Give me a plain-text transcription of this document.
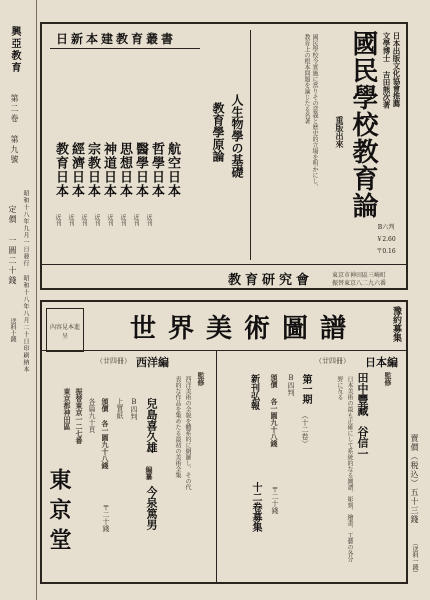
興亞教育
第二卷 第九號
昭和十八年九月一日發行 昭和十八年八月二十日印刷納本
定價 一圓二十錢
送料十錢
賣價（税込）五十三錢
（送料一錢）
日本出版文化協會推薦
文學博士 吉田熊次著
國民學校教育論
重版出來
B六判
￥2.60
〒0.16
國民學校令實施に當りその意義と歴史的立場を明かにし、教育上の根本問題を論じたる名著
人生物學の基礎
教育學原論
日新本建教育叢書
航空日本
哲學日本
醫學日本
思想日本
神道日本
宗教日本
經濟日本
教育日本
近刊
近刊
近刊
近刊
近刊
近刊
近刊
近刊
教育研究會	東京市神田區三崎町
振替東京八二九六番
豫約募集
世界美術圖譜
內容見本進呈
日本編
（廿四冊）
監修
田中豐藏
谷信一
日本美術の最も正確にして系統的なる圖譜、彫刻、繪畫、工藝の各分野に亙る
第一期
（十二卷）
B四判
頒價
各一圓九十八錢
〒二十錢
新刊弘報
十二卷募集
西洋編
（廿四冊）
監修
西洋美術の全貌を體系的に網羅し、その代表的な作品を集めたる最初の美術全集
兒島喜久雄
編纂
今泉篤男
B四判
上質紙
頒價
各一圓九十八錢
〒二十錢
各篇九十頁
東京都神田區 振替東京一二七番
東京堂
